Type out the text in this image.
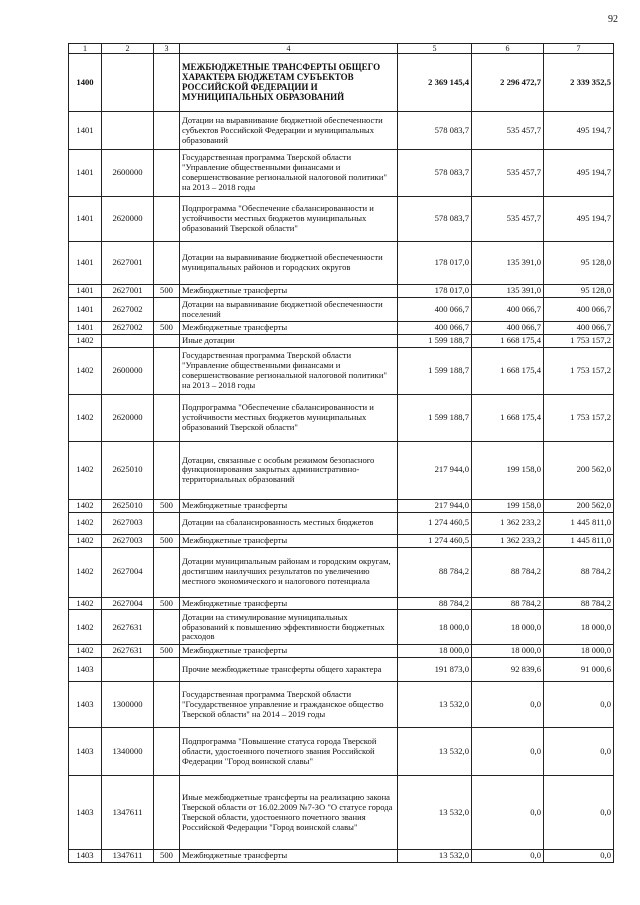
92
1	2	3	4	5	6	7
1400			МЕЖБЮДЖЕТНЫЕ ТРАНСФЕРТЫ ОБЩЕГО ХАРАКТЕРА БЮДЖЕТАМ СУБЪЕКТОВ РОССИЙСКОЙ ФЕДЕРАЦИИ И МУНИЦИПАЛЬНЫХ ОБРАЗОВАНИЙ	2 369 145,4	2 296 472,7	2 339 352,5
1401			Дотации на выравнивание бюджетной обеспеченности субъектов Российской Федерации и муниципальных образований	578 083,7	535 457,7	495 194,7
1401	2600000		Государственная программа Тверской области "Управление общественными финансами и совершенствование региональной налоговой политики" на 2013 – 2018 годы	578 083,7	535 457,7	495 194,7
1401	2620000		Подпрограмма "Обеспечение сбалансированности и устойчивости местных бюджетов муниципальных образований Тверской области"	578 083,7	535 457,7	495 194,7
1401	2627001		Дотации на выравнивание бюджетной обеспеченности муниципальных районов и городских округов	178 017,0	135 391,0	95 128,0
1401	2627001	500	Межбюджетные трансферты	178 017,0	135 391,0	95 128,0
1401	2627002		Дотации на выравнивание бюджетной обеспеченности поселений	400 066,7	400 066,7	400 066,7
1401	2627002	500	Межбюджетные трансферты	400 066,7	400 066,7	400 066,7
1402			Иные дотации	1 599 188,7	1 668 175,4	1 753 157,2
1402	2600000		Государственная программа Тверской области "Управление общественными финансами и совершенствование региональной налоговой политики" на 2013 – 2018 годы	1 599 188,7	1 668 175,4	1 753 157,2
1402	2620000		Подпрограмма "Обеспечение сбалансированности и устойчивости местных бюджетов муниципальных образований Тверской области"	1 599 188,7	1 668 175,4	1 753 157,2
1402	2625010		Дотации, связанные с особым режимом безопасного функционирования закрытых административно-территориальных образований	217 944,0	199 158,0	200 562,0
1402	2625010	500	Межбюджетные трансферты	217 944,0	199 158,0	200 562,0
1402	2627003		Дотации на сбалансированность местных бюджетов	1 274 460,5	1 362 233,2	1 445 811,0
1402	2627003	500	Межбюджетные трансферты	1 274 460,5	1 362 233,2	1 445 811,0
1402	2627004		Дотации муниципальным районам и городским округам, достигшим наилучших результатов по увеличению местного экономического и налогового потенциала	88 784,2	88 784,2	88 784,2
1402	2627004	500	Межбюджетные трансферты	88 784,2	88 784,2	88 784,2
1402	2627631		Дотации на стимулирование муниципальных образований к повышению эффективности бюджетных расходов	18 000,0	18 000,0	18 000,0
1402	2627631	500	Межбюджетные трансферты	18 000,0	18 000,0	18 000,0
1403			Прочие межбюджетные трансферты общего характера	191 873,0	92 839,6	91 000,6
1403	1300000		Государственная программа Тверской области "Государственное управление и гражданское общество Тверской области" на 2014 – 2019 годы	13 532,0	0,0	0,0
1403	1340000		Подпрограмма "Повышение статуса города Тверской области, удостоенного почетного звания Российской Федерации "Город воинской славы"	13 532,0	0,0	0,0
1403	1347611		Иные межбюджетные трансферты на реализацию закона Тверской области от 16.02.2009 №7-ЗО "О статусе города Тверской области, удостоенного почетного звания Российской Федерации "Город воинской славы"	13 532,0	0,0	0,0
1403	1347611	500	Межбюджетные трансферты	13 532,0	0,0	0,0
